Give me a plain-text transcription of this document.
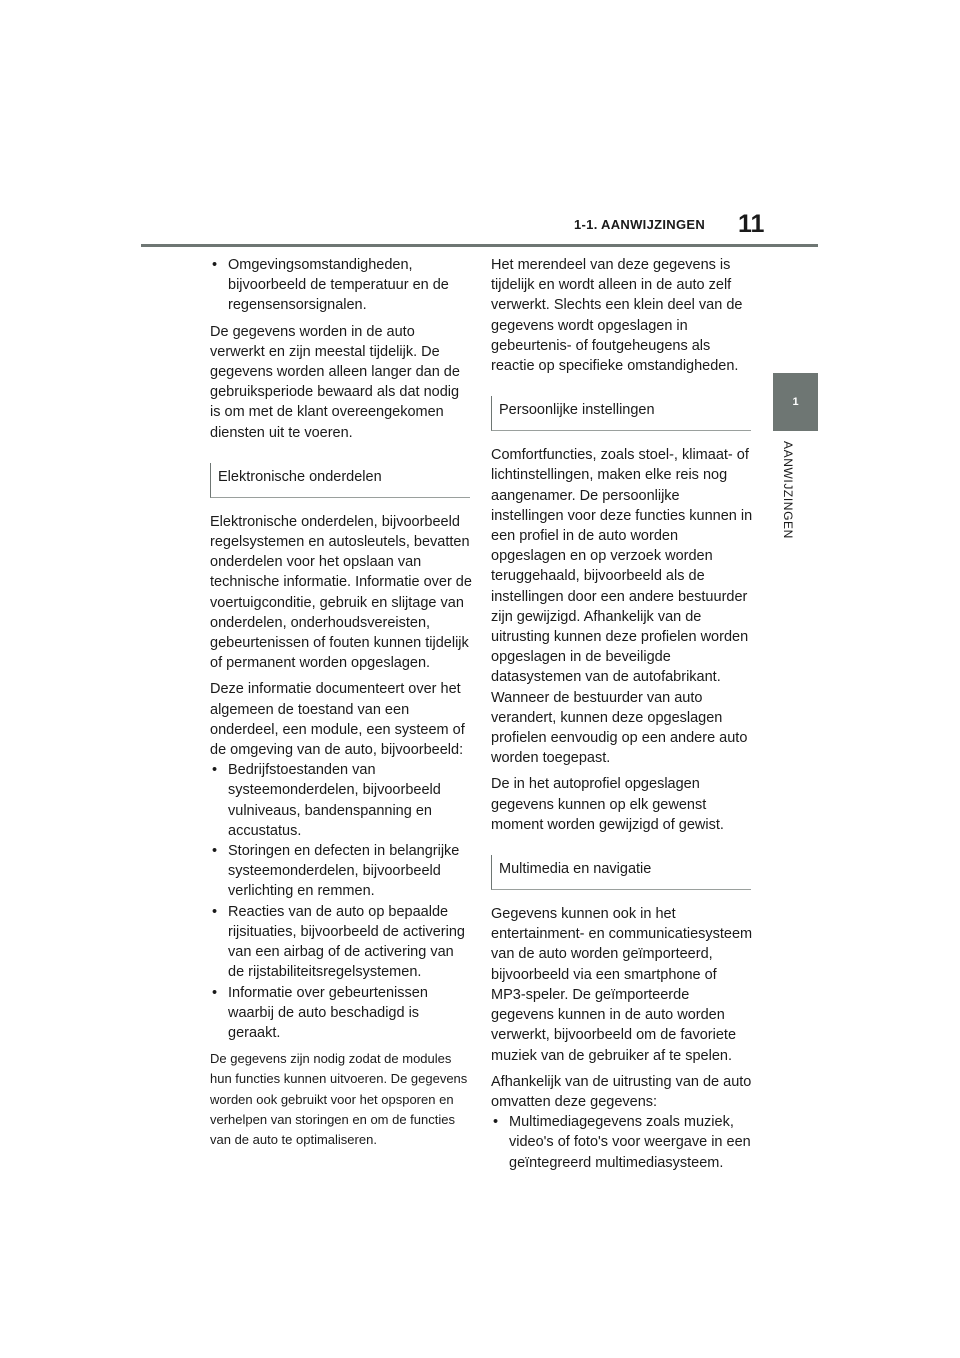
1-1. AANWIJZINGEN 11
1
AANWIJZINGEN
• Omgevingsomstandigheden, bijvoorbeeld de temperatuur en de regensensorsignalen.

De gegevens worden in de auto verwerkt en zijn meestal tijdelijk. De gegevens worden alleen langer dan de gebruiksperiode bewaard als dat nodig is om met de klant overeengekomen diensten uit te voeren.

Elektronische onderdelen

Elektronische onderdelen, bijvoorbeeld regelsystemen en autosleutels, bevatten onderdelen voor het opslaan van technische informatie. Informatie over de voertuigconditie, gebruik en slijtage van onderdelen, onderhoudsvereisten, gebeurtenissen of fouten kunnen tijdelijk of permanent worden opgeslagen.

Deze informatie documenteert over het algemeen de toestand van een onderdeel, een module, een systeem of de omgeving van de auto, bijvoorbeeld:

• Bedrijfstoestanden van systeemonderdelen, bijvoorbeeld vulniveaus, bandenspanning en accustatus.
• Storingen en defecten in belangrijke systeemonderdelen, bijvoorbeeld verlichting en remmen.
• Reacties van de auto op bepaalde rijsituaties, bijvoorbeeld de activering van een airbag of de activering van de rijstabiliteitsregelsystemen.
• Informatie over gebeurtenissen waarbij de auto beschadigd is geraakt.

De gegevens zijn nodig zodat de modules hun functies kunnen uitvoeren. De gegevens worden ook gebruikt voor het opsporen en verhelpen van storingen en om de functies van de auto te optimaliseren.

Het merendeel van deze gegevens is tijdelijk en wordt alleen in de auto zelf verwerkt. Slechts een klein deel van de gegevens wordt opgeslagen in gebeurtenis- of foutgeheugens als reactie op specifieke omstandigheden.

Persoonlijke instellingen

Comfortfuncties, zoals stoel-, klimaat- of lichtinstellingen, maken elke reis nog aangenamer. De persoonlijke instellingen voor deze functies kunnen in een profiel in de auto worden opgeslagen en op verzoek worden teruggehaald, bijvoorbeeld als de instellingen door een andere bestuurder zijn gewijzigd. Afhankelijk van de uitrusting kunnen deze profielen worden opgeslagen in de beveiligde datasystemen van de autofabrikant. Wanneer de bestuurder van auto verandert, kunnen deze opgeslagen profielen eenvoudig op een andere auto worden toegepast.

De in het autoprofiel opgeslagen gegevens kunnen op elk gewenst moment worden gewijzigd of gewist.

Multimedia en navigatie

Gegevens kunnen ook in het entertainment- en communicatiesysteem van de auto worden geïmporteerd, bijvoorbeeld via een smartphone of MP3-speler. De geïmporteerde gegevens kunnen in de auto worden verwerkt, bijvoorbeeld om de favoriete muziek van de gebruiker af te spelen.

Afhankelijk van de uitrusting van de auto omvatten deze gegevens:

• Multimediagegevens zoals muziek, video's of foto's voor weergave in een geïntegreerd multimediasysteem.
